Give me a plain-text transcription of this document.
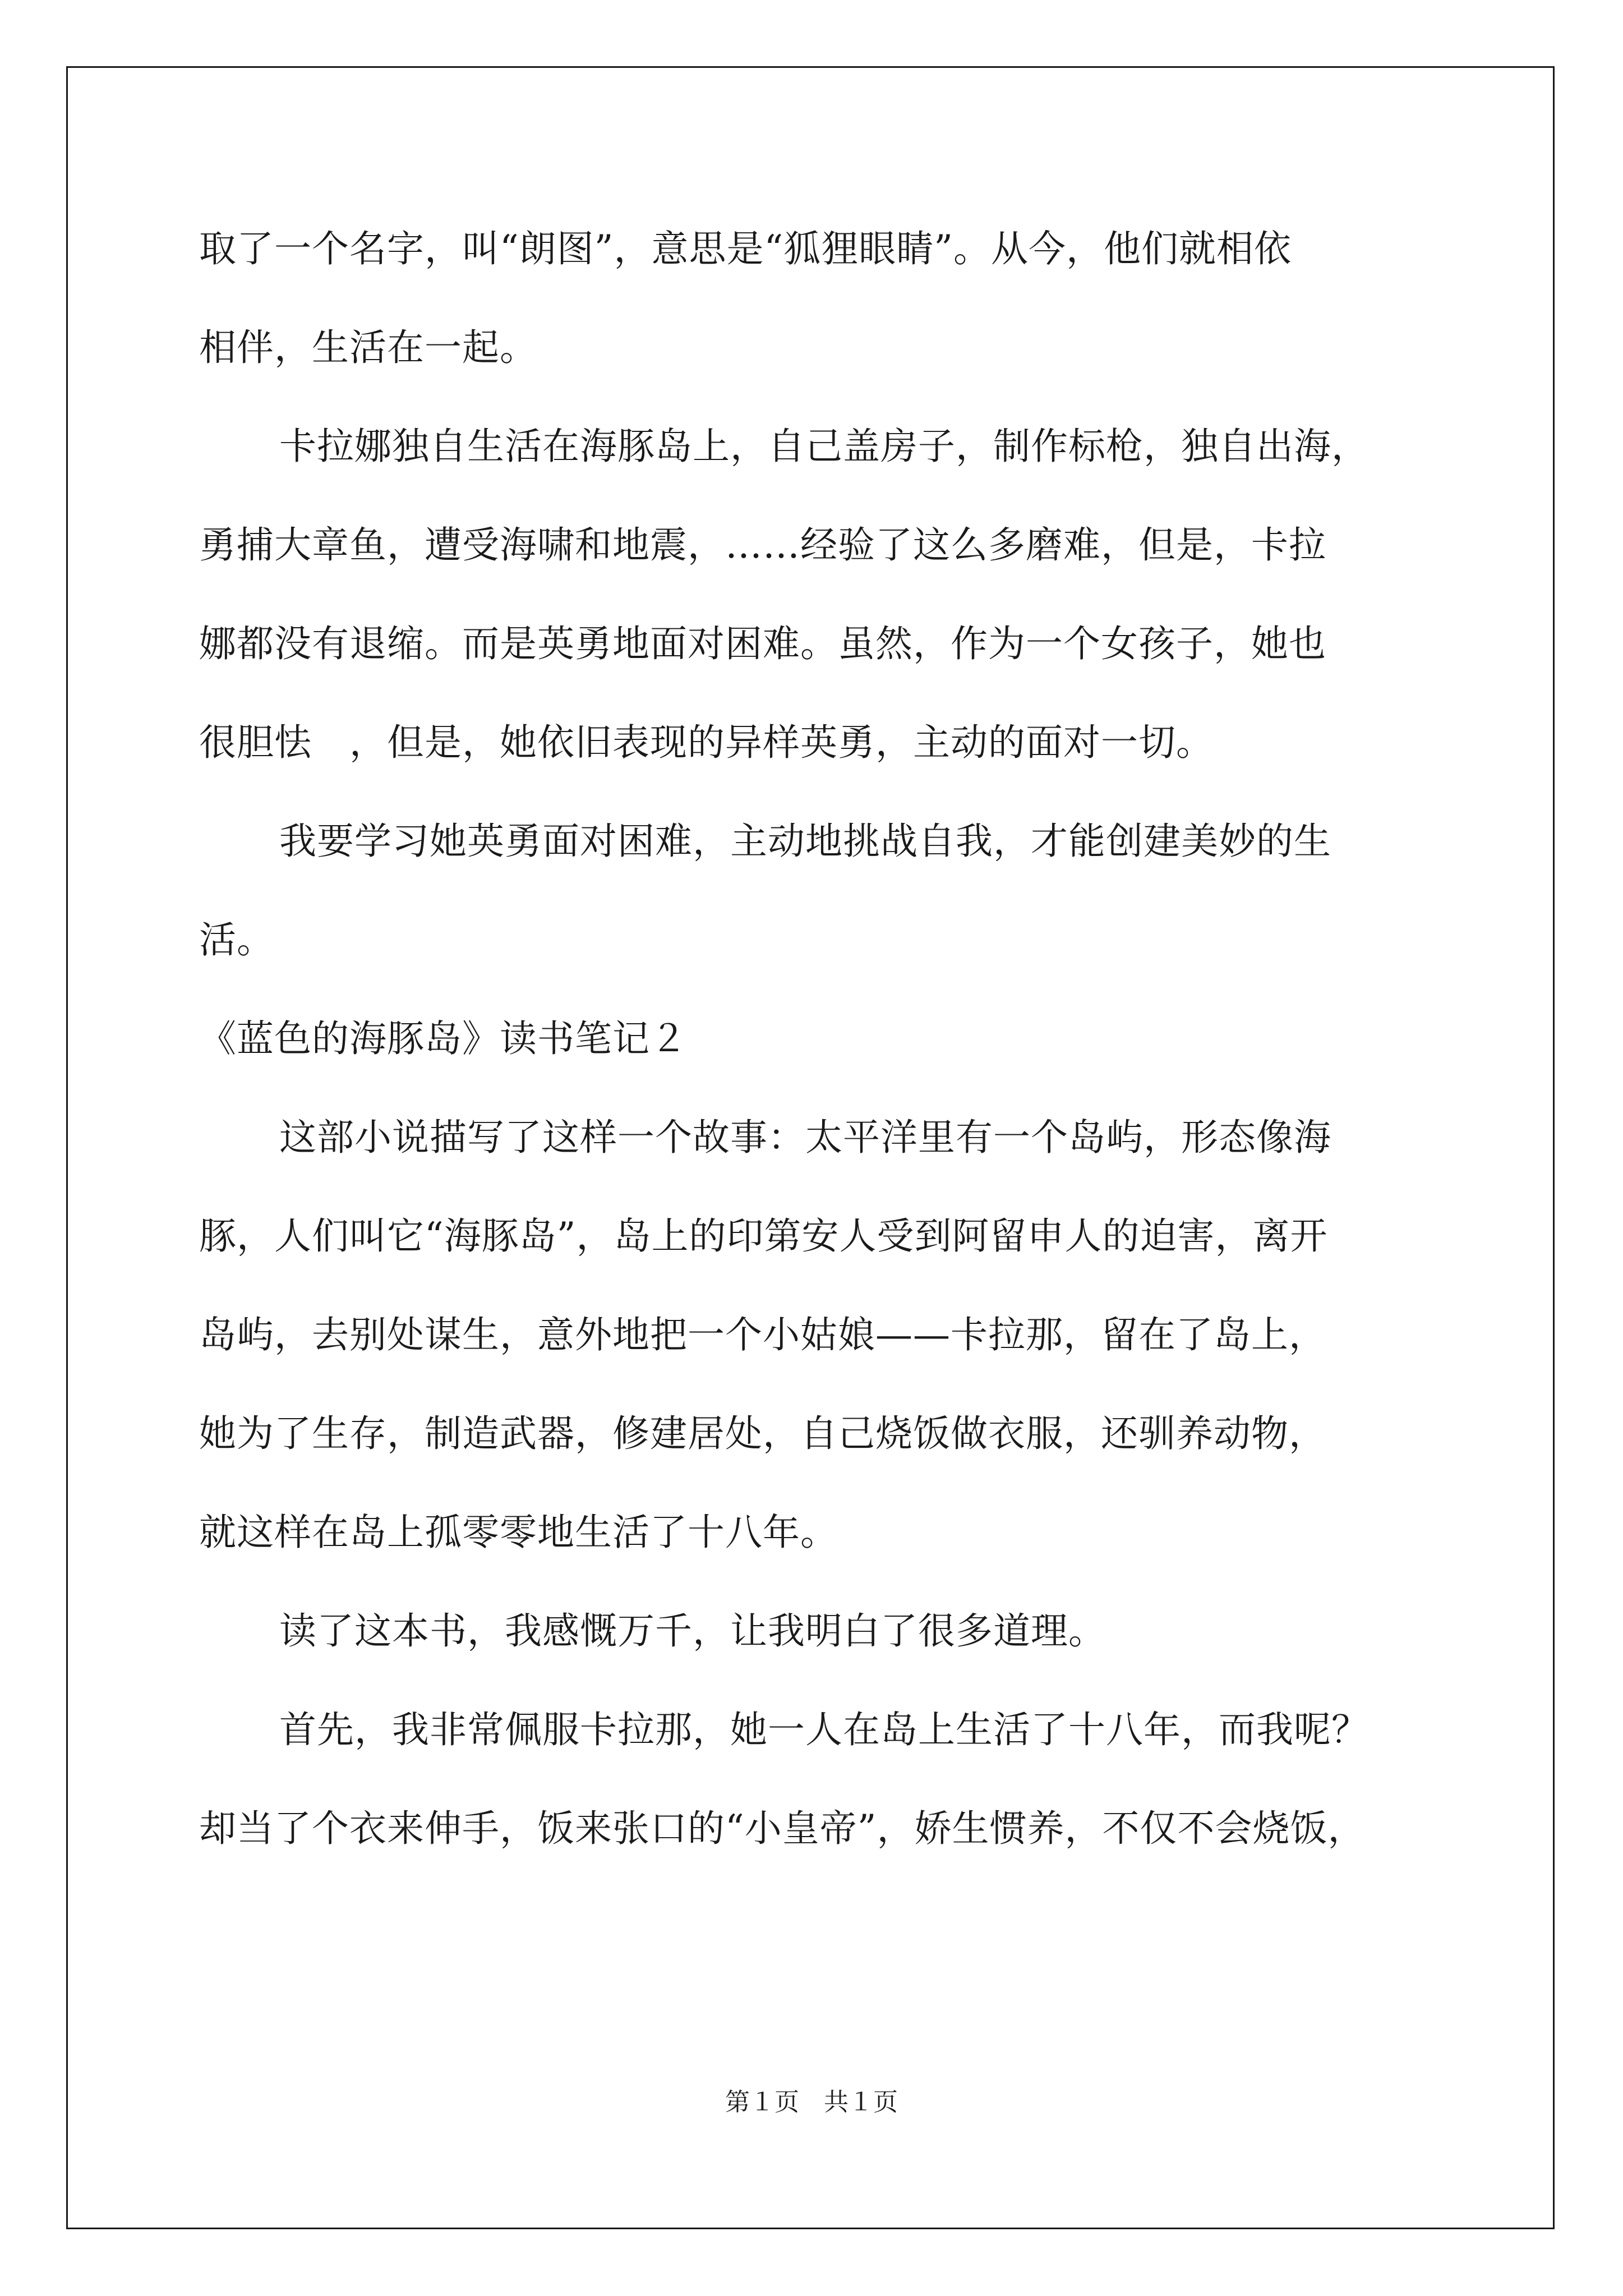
取了一个名字，叫“朗图”，意思是“狐狸眼睛”。从今，他们就相依

相伴，生活在一起。

卡拉娜独自生活在海豚岛上，自己盖房子，制作标枪，独自出海，

勇捕大章鱼，遭受海啸和地震，……经验了这么多磨难，但是，卡拉

娜都没有退缩。而是英勇地面对困难。虽然，作为一个女孩子，她也

很胆怯　，但是，她依旧表现的异样英勇，主动的面对一切。

我要学习她英勇面对困难，主动地挑战自我，才能创建美妙的生

活。

《蓝色的海豚岛》读书笔记２

这部小说描写了这样一个故事：太平洋里有一个岛屿，形态像海

豚，人们叫它“海豚岛”，岛上的印第安人受到阿留申人的迫害，离开

岛屿，去别处谋生，意外地把一个小姑娘——卡拉那，留在了岛上，

她为了生存，制造武器，修建居处，自己烧饭做衣服，还驯养动物，

就这样在岛上孤零零地生活了十八年。

读了这本书，我感慨万千，让我明白了很多道理。

首先，我非常佩服卡拉那，她一人在岛上生活了十八年，而我呢？

却当了个衣来伸手，饭来张口的“小皇帝”，娇生惯养，不仅不会烧饭，

第１页　共１页
